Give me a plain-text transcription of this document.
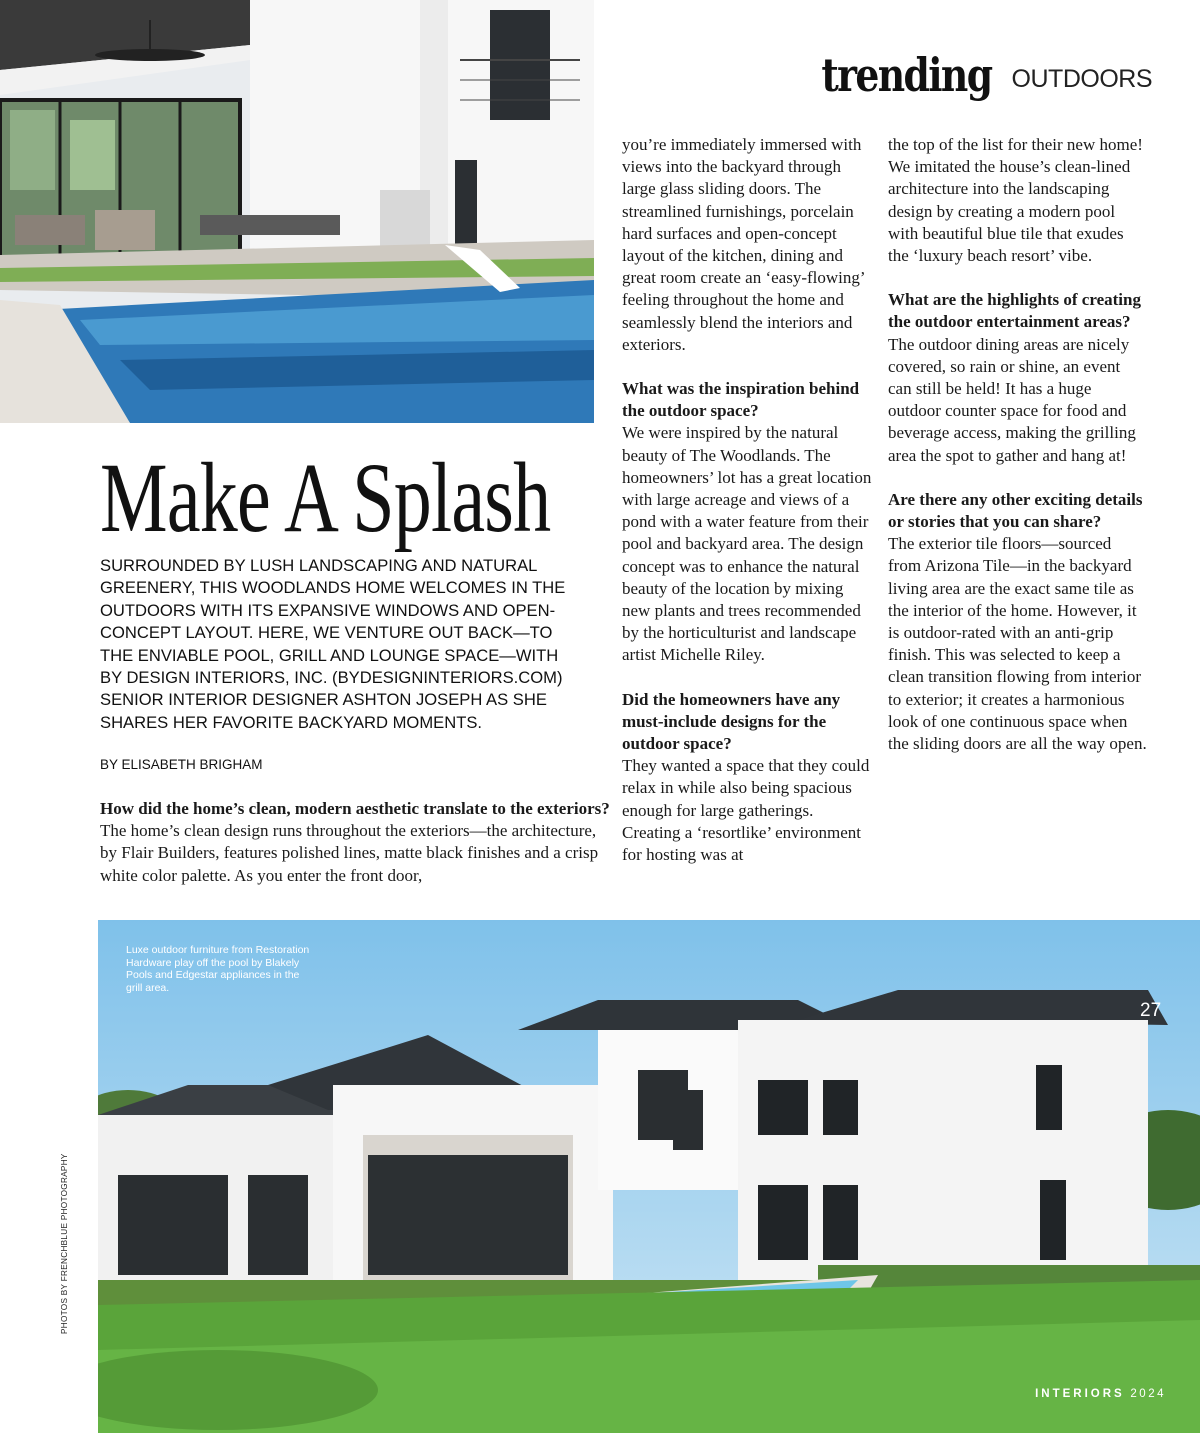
trending OUTDOORS
Make A Splash
SURROUNDED BY LUSH LANDSCAPING AND NATURAL GREENERY, THIS WOODLANDS HOME WELCOMES IN THE OUTDOORS WITH ITS EXPANSIVE WINDOWS AND OPEN-CONCEPT LAYOUT. HERE, WE VENTURE OUT BACK—TO THE ENVIABLE POOL, GRILL AND LOUNGE SPACE—WITH BY DESIGN INTERIORS, INC. (BYDESIGNINTERIORS.COM) SENIOR INTERIOR DESIGNER ASHTON JOSEPH AS SHE SHARES HER FAVORITE BACKYARD MOMENTS.
BY ELISABETH BRIGHAM
How did the home’s clean, modern aesthetic translate to the exteriors?
The home’s clean design runs throughout the exteriors—the architecture, by Flair Builders, features polished lines, matte black finishes and a crisp white color palette. As you enter the front door,
you’re immediately immersed with views into the backyard through large glass sliding doors. The streamlined furnishings, porcelain hard surfaces and open-concept layout of the kitchen, dining and great room create an ‘easy-flowing’ feeling throughout the home and seamlessly blend the interiors and exteriors.
What was the inspiration behind the outdoor space?
We were inspired by the natural beauty of The Woodlands. The homeowners’ lot has a great location with large acreage and views of a pond with a water feature from their pool and backyard area. The design concept was to enhance the natural beauty of the location by mixing new plants and trees recommended by the horticulturist and landscape artist Michelle Riley.
Did the homeowners have any must-include designs for the outdoor space?
They wanted a space that they could relax in while also being spacious enough for large gatherings. Creating a ‘resortlike’ environment for hosting was at
the top of the list for their new home! We imitated the house’s clean-lined architecture into the landscaping design by creating a modern pool with beautiful blue tile that exudes the ‘luxury beach resort’ vibe.
What are the highlights of creating the outdoor entertainment areas?
The outdoor dining areas are nicely covered, so rain or shine, an event can still be held! It has a huge outdoor counter space for food and beverage access, making the grilling area the spot to gather and hang at!
Are there any other exciting details or stories that you can share?
The exterior tile floors—sourced from Arizona Tile—in the backyard living area are the exact same tile as the interior of the home. However, it is outdoor-rated with an anti-grip finish. This was selected to keep a clean transition flowing from interior to exterior; it creates a harmonious look of one continuous space when the sliding doors are all the way open.
Luxe outdoor furniture from Restoration Hardware play off the pool by Blakely Pools and Edgestar appliances in the grill area.
PHOTOS BY FRENCHBLUE PHOTOGRAPHY
27
INTERIORS 2024
